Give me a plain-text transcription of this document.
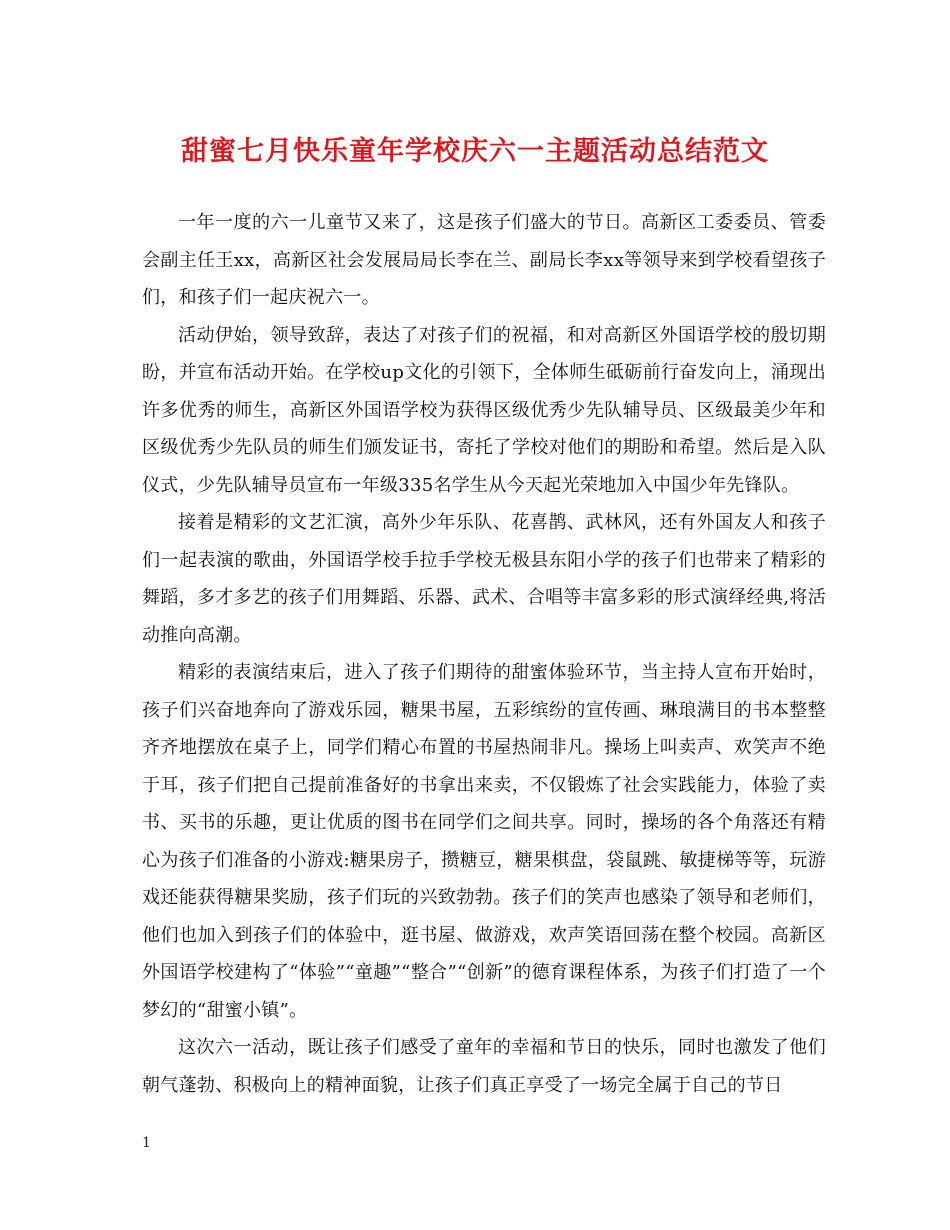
甜蜜七月快乐童年学校庆六一主题活动总结范文

一年一度的六一儿童节又来了，这是孩子们盛大的节日。高新区工委委员、管委会副主任王xx，高新区社会发展局局长李在兰、副局长李xx等领导来到学校看望孩子们，和孩子们一起庆祝六一。

活动伊始，领导致辞，表达了对孩子们的祝福，和对高新区外国语学校的殷切期盼，并宣布活动开始。在学校up文化的引领下，全体师生砥砺前行奋发向上，涌现出许多优秀的师生，高新区外国语学校为获得区级优秀少先队辅导员、区级最美少年和区级优秀少先队员的师生们颁发证书，寄托了学校对他们的期盼和希望。然后是入队仪式，少先队辅导员宣布一年级335名学生从今天起光荣地加入中国少年先锋队。

接着是精彩的文艺汇演，高外少年乐队、花喜鹊、武林风，还有外国友人和孩子们一起表演的歌曲，外国语学校手拉手学校无极县东阳小学的孩子们也带来了精彩的舞蹈，多才多艺的孩子们用舞蹈、乐器、武术、合唱等丰富多彩的形式演绎经典,将活动推向高潮。

精彩的表演结束后，进入了孩子们期待的甜蜜体验环节，当主持人宣布开始时，孩子们兴奋地奔向了游戏乐园，糖果书屋，五彩缤纷的宣传画、琳琅满目的书本整整齐齐地摆放在桌子上，同学们精心布置的书屋热闹非凡。操场上叫卖声、欢笑声不绝于耳，孩子们把自己提前准备好的书拿出来卖，不仅锻炼了社会实践能力，体验了卖书、买书的乐趣，更让优质的图书在同学们之间共享。同时，操场的各个角落还有精心为孩子们准备的小游戏:糖果房子，攒糖豆，糖果棋盘，袋鼠跳、敏捷梯等等，玩游戏还能获得糖果奖励，孩子们玩的兴致勃勃。孩子们的笑声也感染了领导和老师们，他们也加入到孩子们的体验中，逛书屋、做游戏，欢声笑语回荡在整个校园。高新区外国语学校建构了“体验”“童趣”“整合”“创新”的德育课程体系，为孩子们打造了一个梦幻的“甜蜜小镇”。

这次六一活动，既让孩子们感受了童年的幸福和节日的快乐，同时也激发了他们朝气蓬勃、积极向上的精神面貌，让孩子们真正享受了一场完全属于自己的节日

1
